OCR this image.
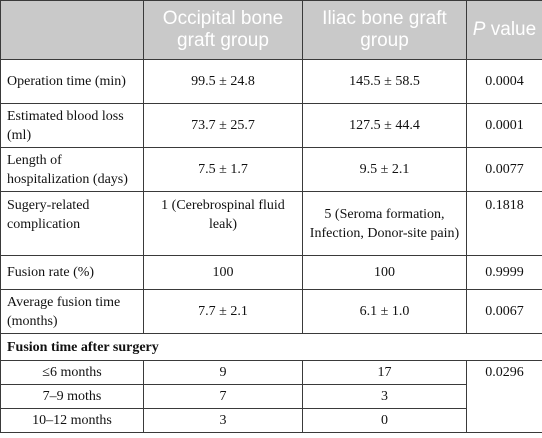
	Occipital bone graft group	Iliac bone graft group	P value
Operation time (min)	99.5 ± 24.8	145.5 ± 58.5	0.0004
Estimated blood loss (ml)	73.7 ± 25.7	127.5 ± 44.4	0.0001
Length of hospitalization (days)	7.5 ± 1.7	9.5 ± 2.1	0.0077
Sugery-related complication	1 (Cerebrospinal fluid leak)	5 (Seroma formation, Infection, Donor-site pain)	0.1818
Fusion rate (%)	100	100	0.9999
Average fusion time (months)	7.7 ± 2.1	6.1 ± 1.0	0.0067
Fusion time after surgery			
≤6 months	9	17	0.0296
7–9 moths	7	3	
10–12 months	3	0	
